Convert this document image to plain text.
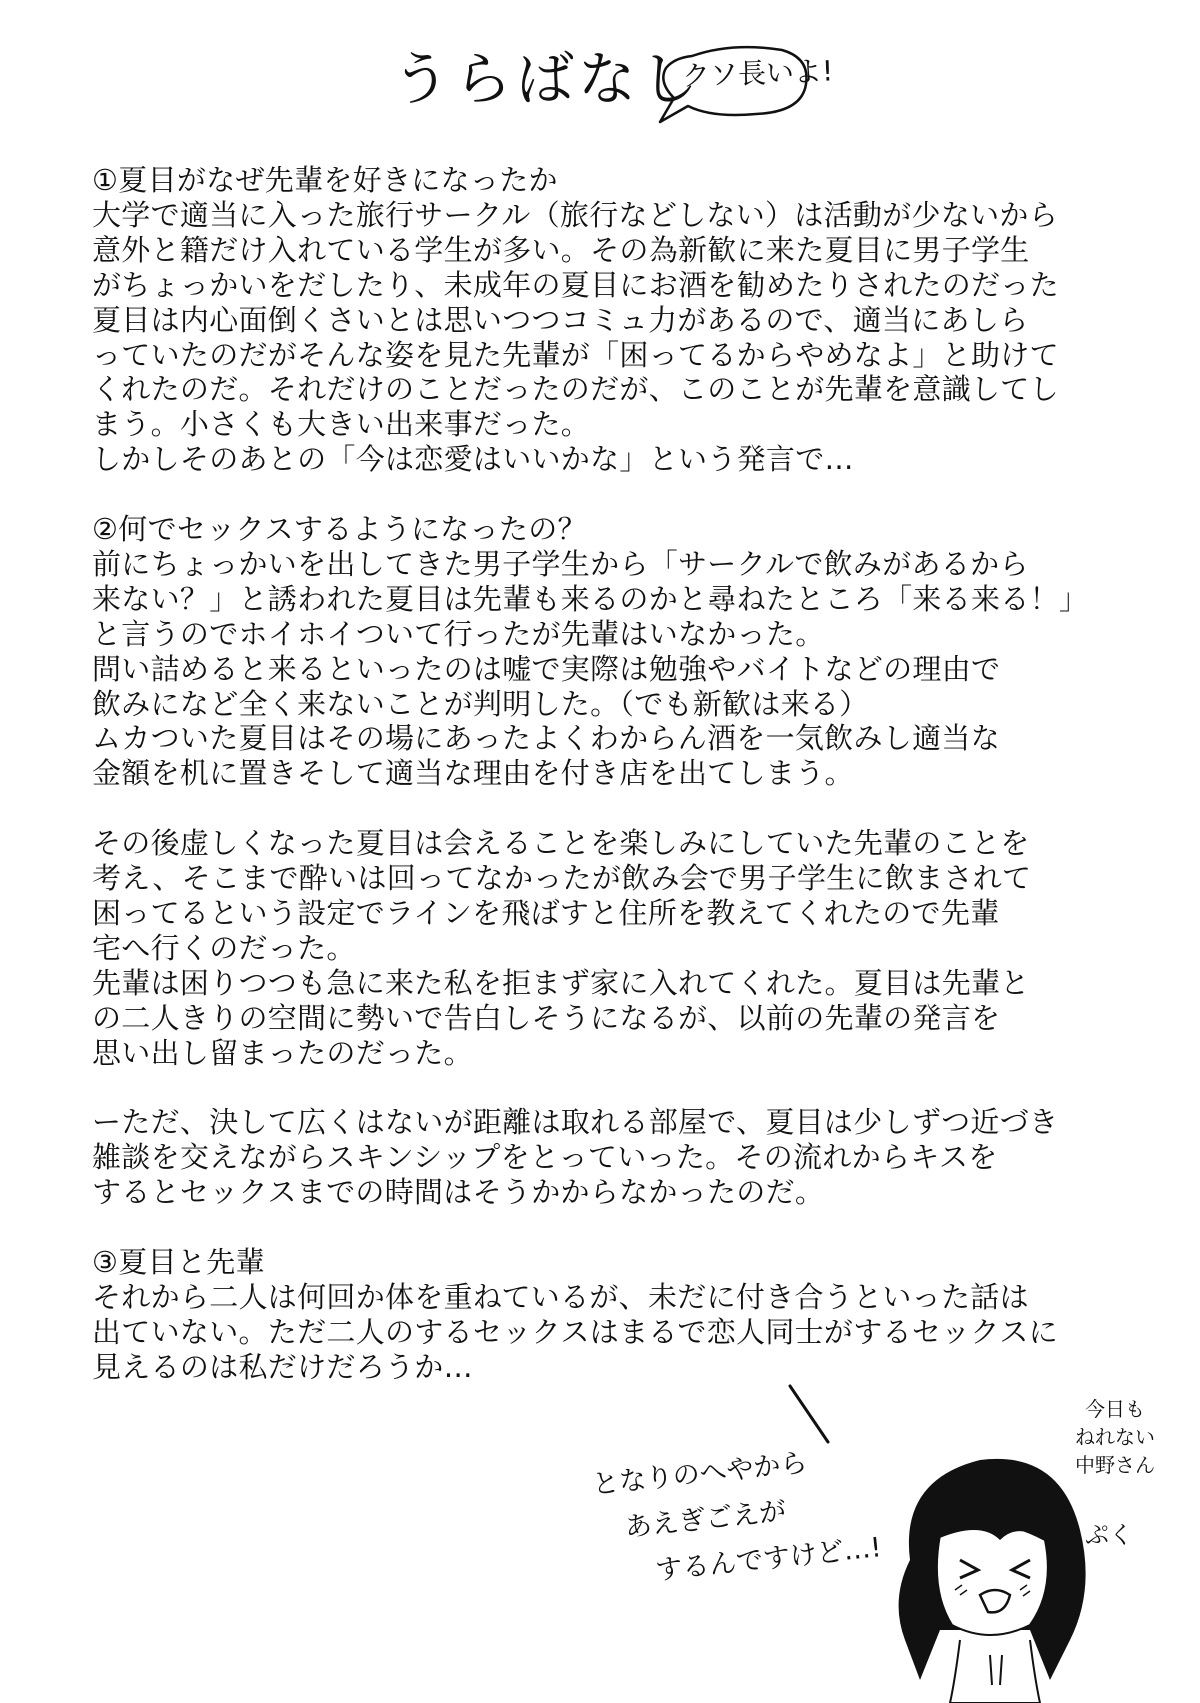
うらばなし
クソ長いよ!
①夏目がなぜ先輩を好きになったか
大学で適当に入った旅行サークル（旅行などしない）は活動が少ないから
意外と籍だけ入れている学生が多い。その為新歓に来た夏目に男子学生
がちょっかいをだしたり、未成年の夏目にお酒を勧めたりされたのだった
夏目は内心面倒くさいとは思いつつコミュ力があるので、適当にあしら
っていたのだがそんな姿を見た先輩が「困ってるからやめなよ」と助けて
くれたのだ。それだけのことだったのだが、このことが先輩を意識してし
まう。小さくも大きい出来事だった。
しかしそのあとの「今は恋愛はいいかな」という発言で…
②何でセックスするようになったの？
前にちょっかいを出してきた男子学生から「サークルで飲みがあるから
来ない？」と誘われた夏目は先輩も来るのかと尋ねたところ「来る来る！」
と言うのでホイホイついて行ったが先輩はいなかった。
問い詰めると来るといったのは嘘で実際は勉強やバイトなどの理由で
飲みになど全く来ないことが判明した。（でも新歓は来る）
ムカついた夏目はその場にあったよくわからん酒を一気飲みし適当な
金額を机に置きそして適当な理由を付き店を出てしまう。
その後虚しくなった夏目は会えることを楽しみにしていた先輩のことを
考え、そこまで酔いは回ってなかったが飲み会で男子学生に飲まされて
困ってるという設定でラインを飛ばすと住所を教えてくれたので先輩
宅へ行くのだった。
先輩は困りつつも急に来た私を拒まず家に入れてくれた。夏目は先輩と
の二人きりの空間に勢いで告白しそうになるが、以前の先輩の発言を
思い出し留まったのだった。
ーただ、決して広くはないが距離は取れる部屋で、夏目は少しずつ近づき
雑談を交えながらスキンシップをとっていった。その流れからキスを
するとセックスまでの時間はそうかからなかったのだ。
③夏目と先輩
それから二人は何回か体を重ねているが、未だに付き合うといった話は
出ていない。ただ二人のするセックスはまるで恋人同士がするセックスに
見えるのは私だけだろうか…
となりのへやから
あえぎごえが
するんですけど…!
今日も
ねれない
中野さん
ぷく
